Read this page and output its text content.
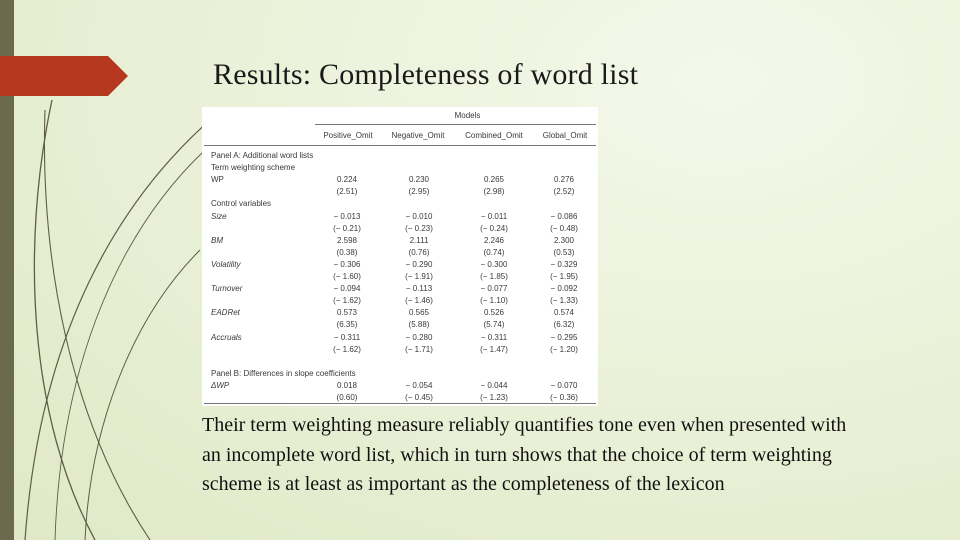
Results: Completeness of word list
Models
Positive_Omit	Negative_Omit	Combined_Omit	Global_Omit
Panel A: Additional word lists
Term weighting scheme
WP	0.224	0.230	0.265	0.276
(2.51)	(2.95)	(2.98)	(2.52)
Control variables
Size	− 0.013	− 0.010	− 0.011	− 0.086
(− 0.21)	(− 0.23)	(− 0.24)	(− 0.48)
BM	2.598	2.111	2.246	2.300
(0.38)	(0.76)	(0.74)	(0.53)
Volatility	− 0.306	− 0.290	− 0.300	− 0.329
(− 1.60)	(− 1.91)	(− 1.85)	(− 1.95)
Turnover	− 0.094	− 0.113	− 0.077	− 0.092
(− 1.62)	(− 1.46)	(− 1.10)	(− 1.33)
EADRet	0.573	0.565	0.526	0.574
(6.35)	(5.88)	(5.74)	(6.32)
Accruals	− 0.311	− 0.280	− 0.311	− 0.295
(− 1.62)	(− 1.71)	(− 1.47)	(− 1.20)
Panel B: Differences in slope coefficients
ΔWP	0.018	− 0.054	− 0.044	− 0.070
(0.60)	(− 0.45)	(− 1.23)	(− 0.36)
Their term weighting measure reliably quantifies tone even when presented with an incomplete word list, which in turn shows that the choice of term weighting scheme is at least as important as the completeness of the lexicon
